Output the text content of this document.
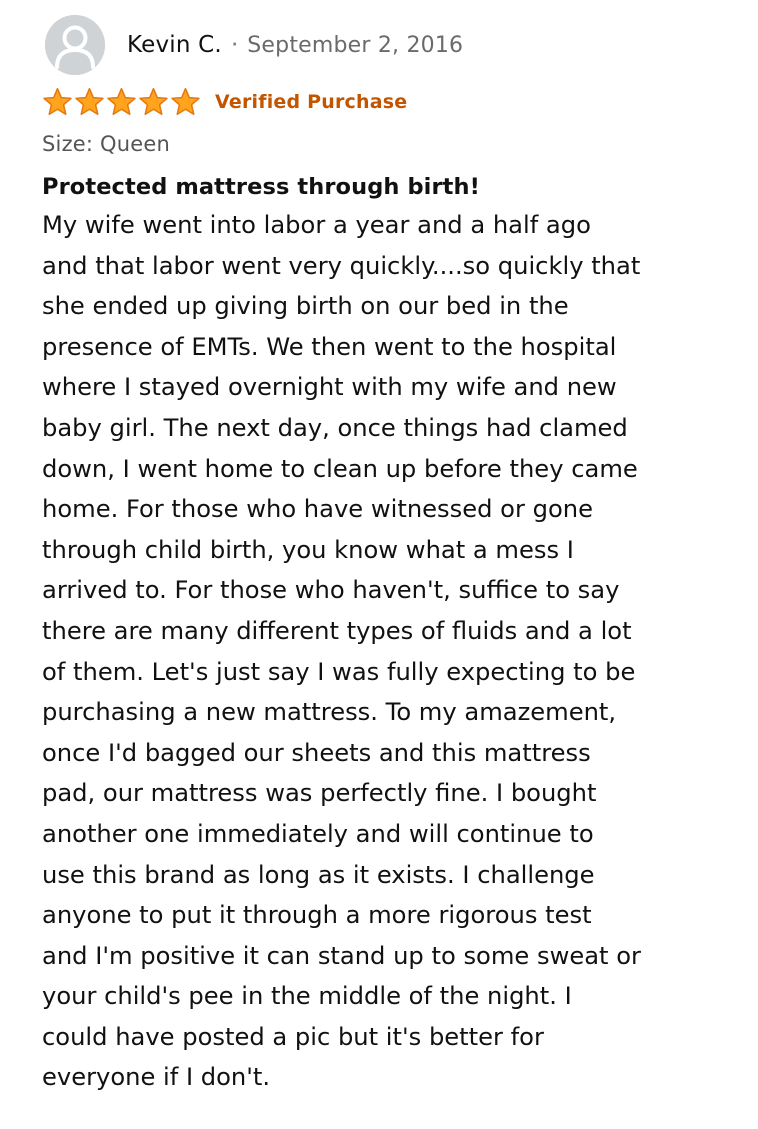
Kevin C. · September 2, 2016
Verified Purchase
Size: Queen
Protected mattress through birth!
My wife went into labor a year and a half ago
and that labor went very quickly....so quickly that
she ended up giving birth on our bed in the
presence of EMTs. We then went to the hospital
where I stayed overnight with my wife and new
baby girl. The next day, once things had clamed
down, I went home to clean up before they came
home. For those who have witnessed or gone
through child birth, you know what a mess I
arrived to. For those who haven't, suffice to say
there are many different types of fluids and a lot
of them. Let's just say I was fully expecting to be
purchasing a new mattress. To my amazement,
once I'd bagged our sheets and this mattress
pad, our mattress was perfectly fine. I bought
another one immediately and will continue to
use this brand as long as it exists. I challenge
anyone to put it through a more rigorous test
and I'm positive it can stand up to some sweat or
your child's pee in the middle of the night. I
could have posted a pic but it's better for
everyone if I don't.
